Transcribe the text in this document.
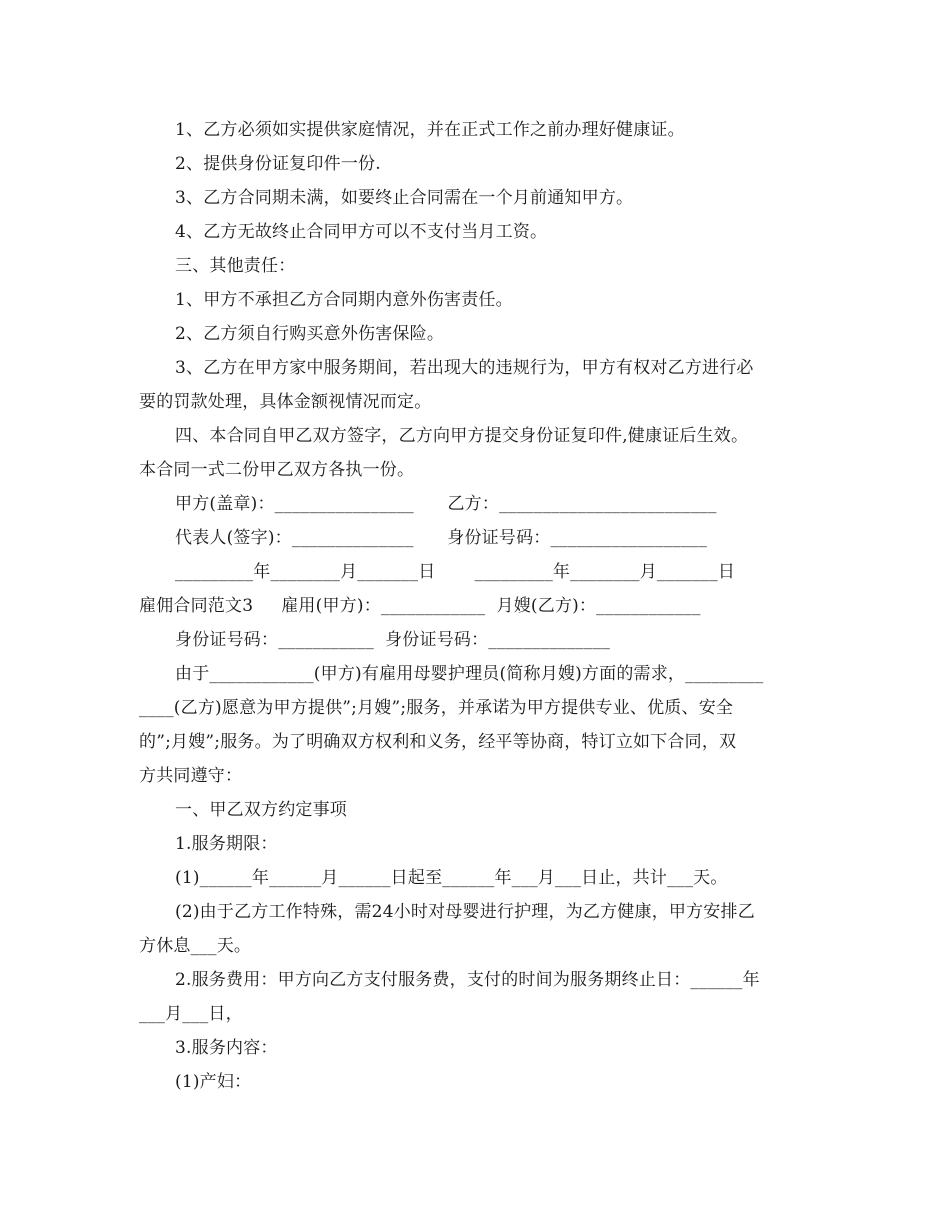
1、乙方必须如实提供家庭情况，并在正式工作之前办理好健康证。
2、提供身份证复印件一份.
3、乙方合同期未满，如要终止合同需在一个月前通知甲方。
4、乙方无故终止合同甲方可以不支付当月工资。
三、其他责任：
1、甲方不承担乙方合同期内意外伤害责任。
2、乙方须自行购买意外伤害保险。
3、乙方在甲方家中服务期间，若出现大的违规行为，甲方有权对乙方进行必
要的罚款处理，具体金额视情况而定。
四、本合同自甲乙双方签字，乙方向甲方提交身份证复印件,健康证后生效。
本合同一式二份甲乙双方各执一份。
甲方(盖章)：________________      乙方：_________________________
代表人(签字)：______________      身份证号码：__________________
_________年________月_______日       _________年________月_______日
雇佣合同范文3     雇用(甲方)：____________  月嫂(乙方)：____________
身份证号码：___________  身份证号码：______________
由于____________(甲方)有雇用母婴护理员(简称月嫂)方面的需求，_________
____(乙方)愿意为甲方提供”;月嫂”;服务，并承诺为甲方提供专业、优质、安全
的”;月嫂”;服务。为了明确双方权利和义务，经平等协商，特订立如下合同，双
方共同遵守：
一、甲乙双方约定事项
1.服务期限：
(1)______年______月______日起至______年___月___日止，共计___天。
(2)由于乙方工作特殊，需24小时对母婴进行护理，为乙方健康，甲方安排乙
方休息___天。
2.服务费用：甲方向乙方支付服务费，支付的时间为服务期终止日：______年
___月___日，
3.服务内容：
(1)产妇：
